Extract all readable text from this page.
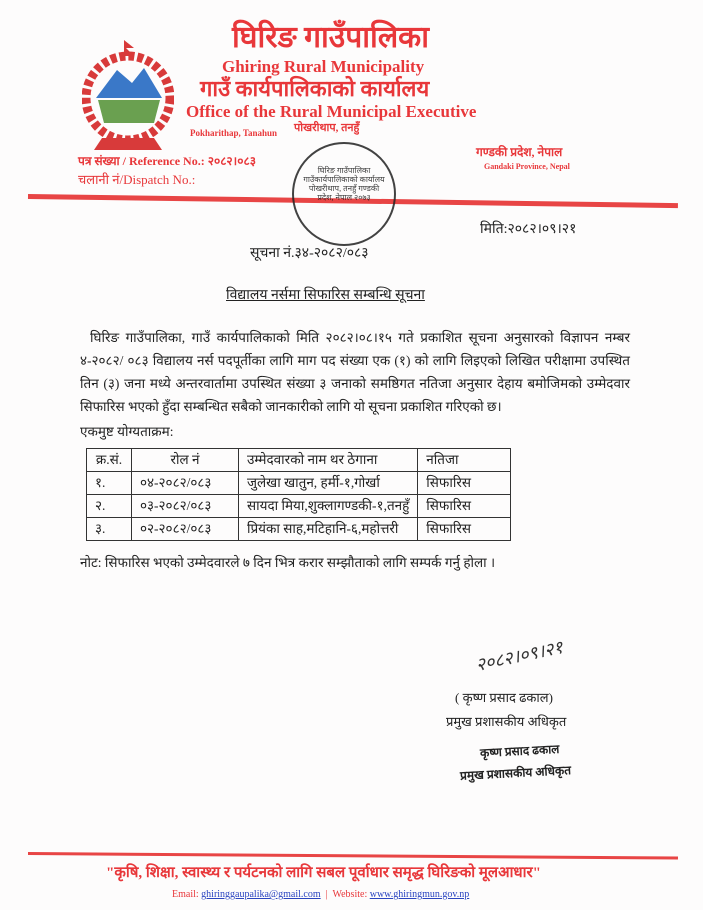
घिरिङ गाउँपालिका
Ghiring Rural Municipality
गाउँ कार्यपालिकाको कार्यालय
Office of the Rural Municipal Executive
पोखरीथाप, तनहुँ
Pokharithap, Tanahun
गण्डकी प्रदेश, नेपाल
Gandaki Province, Nepal
पत्र संख्या / Reference No.: २०८२।०८३
चलानी नं/Dispatch No.:
घिरिङ गाउँपालिका गाउँकार्यपालिकाको कार्यालय पोखरीथाप, तनहुँ गण्डकी प्रदेश, नेपाल २०७३
मिति:२०८२।०९।२१
सूचना नं.३४-२०८२/०८३
विद्यालय नर्समा सिफारिस सम्बन्धि सूचना

घिरिङ गाउँपालिका, गाउँ कार्यपालिकाको मिति २०८२।०८।१५ गते प्रकाशित सूचना अनुसारको विज्ञापन नम्बर ४-२०८२/ ०८३ विद्यालय नर्स पदपूर्तीका लागि माग पद संख्या एक (१) को लागि लिइएको लिखित परीक्षामा उपस्थित तिन (३) जना मध्ये अन्तरवार्तामा उपस्थित संख्या ३ जनाको समष्ठिगत नतिजा अनुसार देहाय बमोजिमको उम्मेदवार सिफारिस भएको हुँदा सम्बन्धित सबैको जानकारीको लागि यो सूचना प्रकाशित गरिएको छ।

एकमुष्ट योग्यताक्रम:
क्र.सं.	रोल नं	उम्मेदवारको नाम थर ठेगाना	नतिजा
१.	०४-२०८२/०८३	जुलेखा खातुन, हर्मी-१,गोर्खा	सिफारिस
२.	०३-२०८२/०८३	सायदा मिया,शुक्लागण्डकी-१,तनहुँ	सिफारिस
३.	०२-२०८२/०८३	प्रियंका साह,मटिहानि-६,महोत्तरी	सिफारिस
नोट: सिफारिस भएको उम्मेदवारले ७ दिन भित्र करार सम्झौताको लागि सम्पर्क गर्नु होला ।
२०८२।०९।२१
( कृष्ण प्रसाद ढकाल)
प्रमुख प्रशासकीय अधिकृत
कृष्ण प्रसाद ढकाल
प्रमुख प्रशासकीय अधिकृत
"कृषि, शिक्षा, स्वास्थ्य र पर्यटनको लागि सबल पूर्वाधार समृद्ध घिरिङको मूलआधार"
Email: ghiringgaupalika@gmail.com | Website: www.ghiringmun.gov.np
